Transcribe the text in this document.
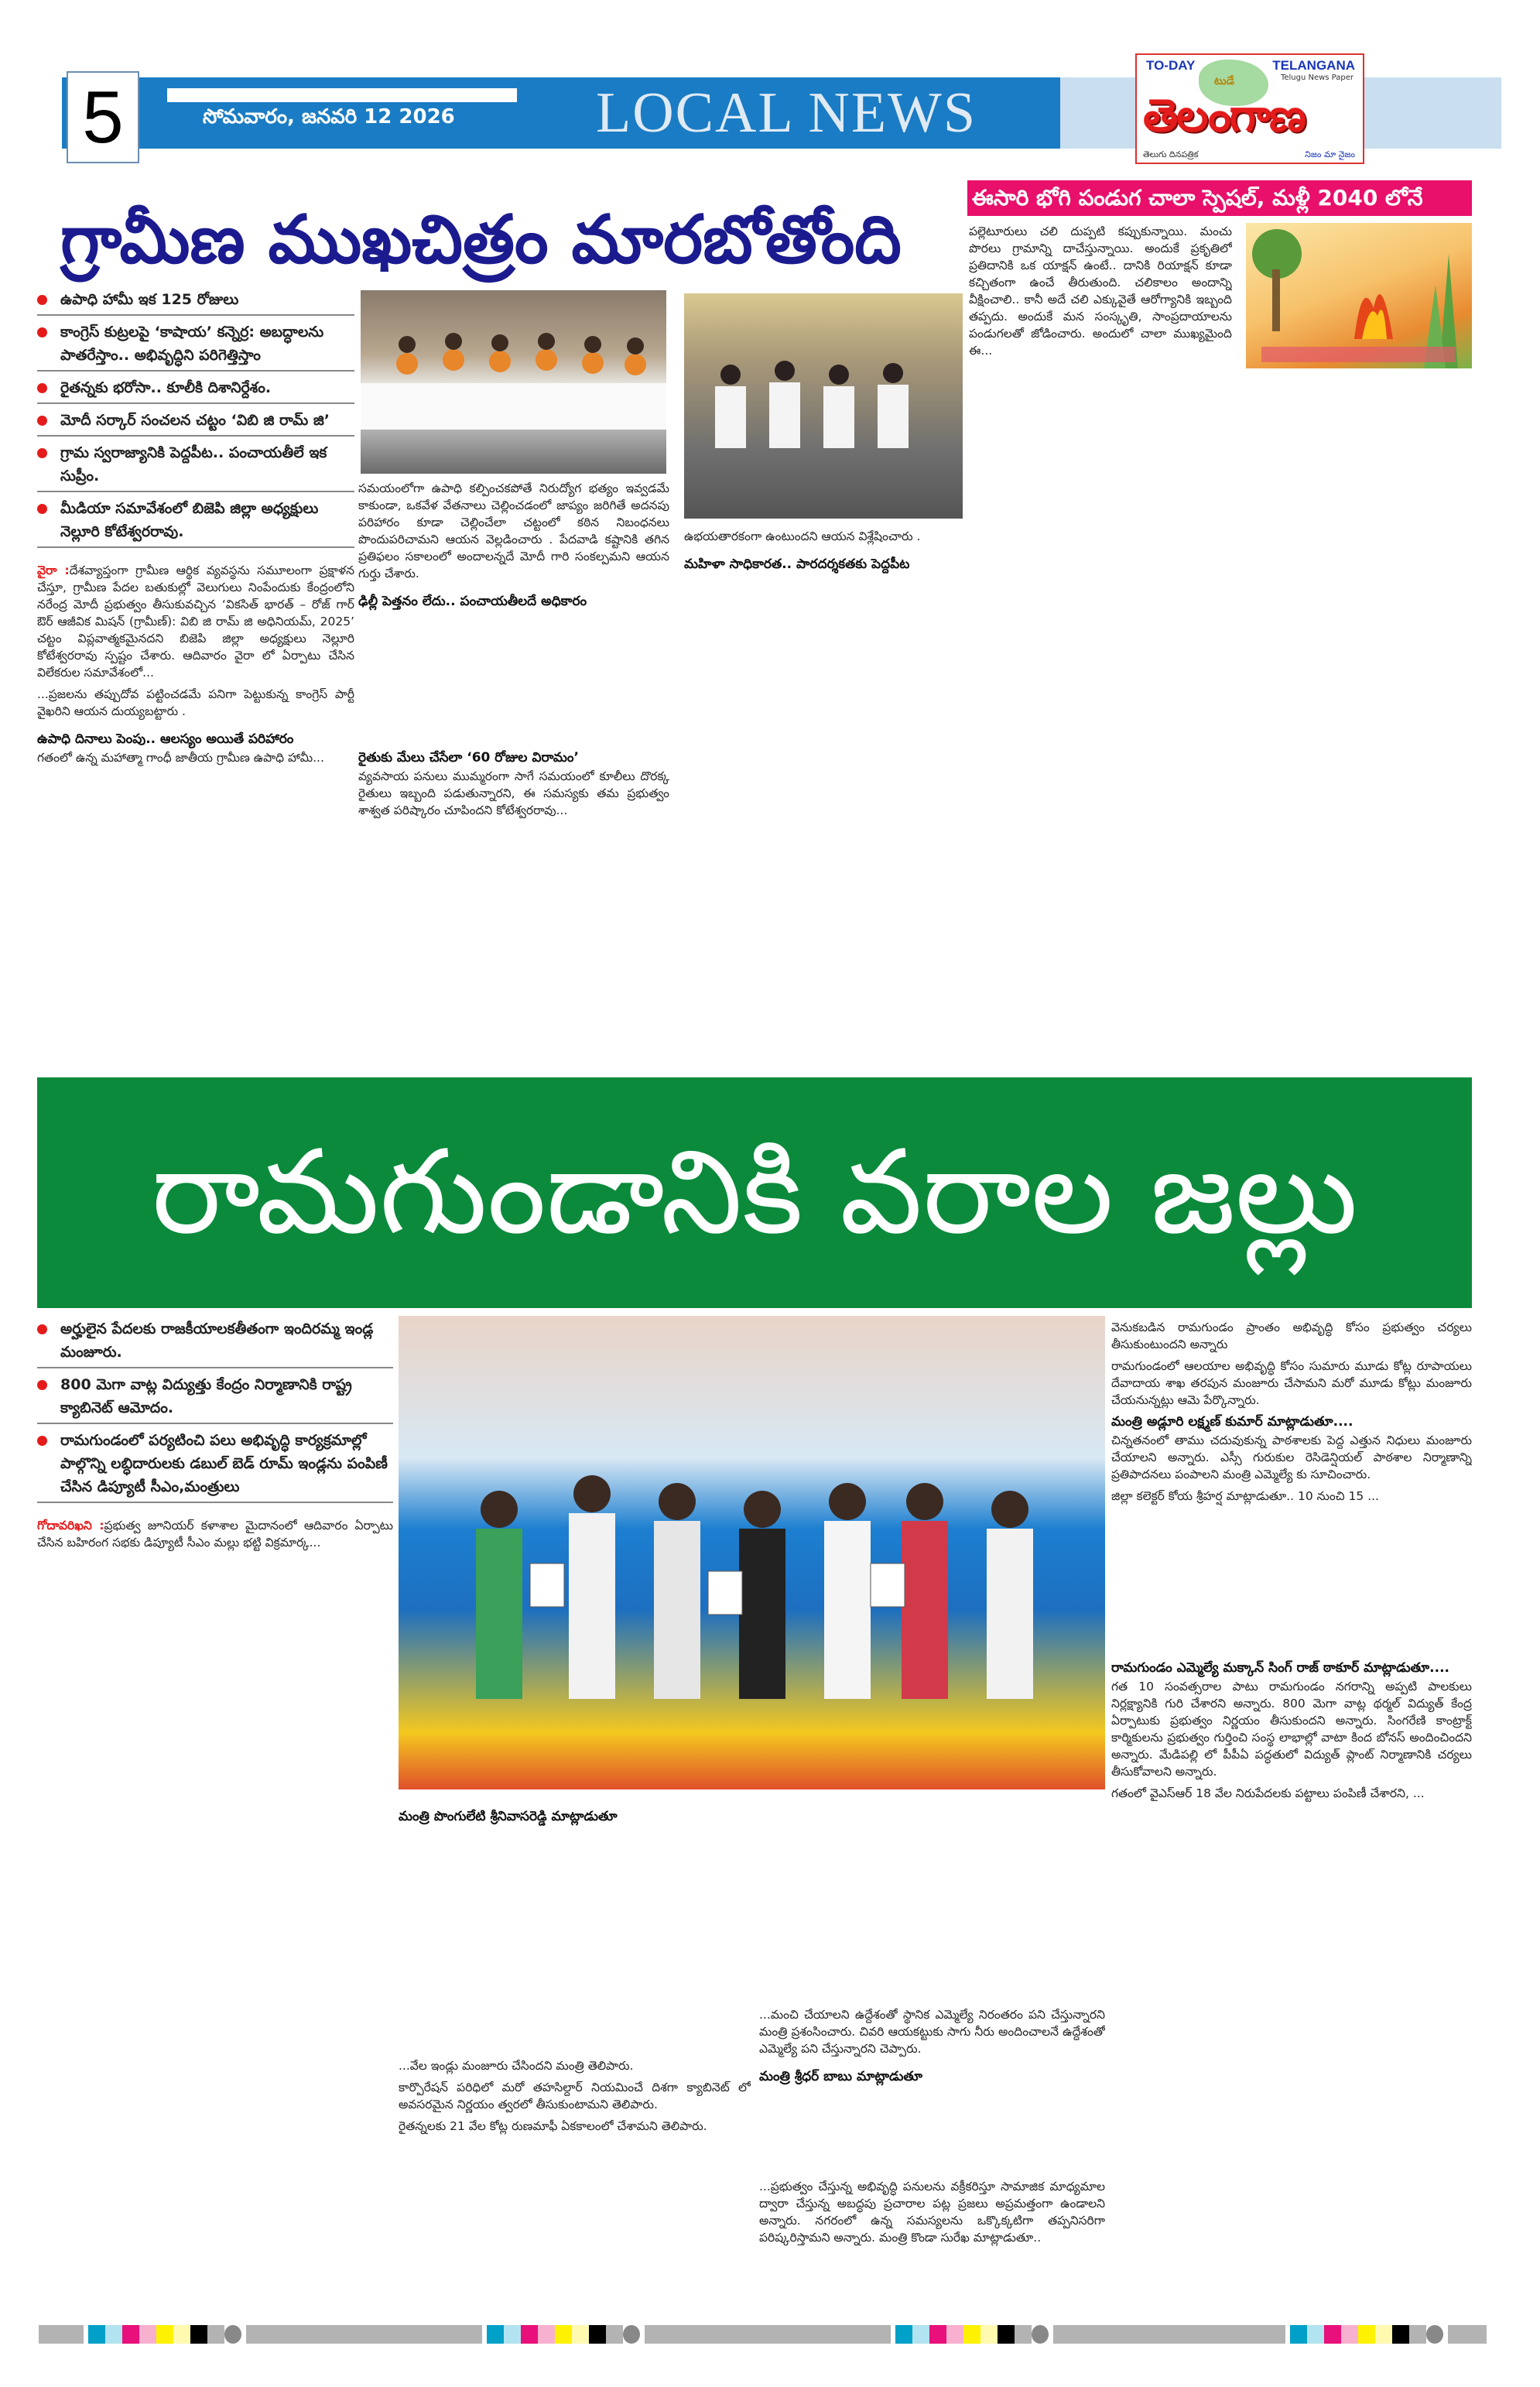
5	సోమవారం, జనవరి 12 2026 LOCAL NEWS
TO-DAY	TELANGANA
Telugu News Paper
టుడే
తెలంగాణ
తెలుగు దినపత్రిక	నిజం మా నైజం
గ్రామీణ ముఖచిత్రం మారబోతోంది
ఉపాధి హామీ ఇక 125 రోజులు
కాంగ్రెస్ కుట్రలపై ‘కాషాయ’ కన్నెర్ర: అబద్ధాలను పాతరేస్తాం.. అభివృద్ధిని పరిగెత్తిస్తాం
రైతన్నకు భరోసా.. కూలీకి దిశానిర్దేశం.
మోదీ సర్కార్ సంచలన చట్టం ‘విబి జి రామ్ జి’
గ్రామ స్వరాజ్యానికి పెద్దపీట.. పంచాయతీలే ఇక సుప్రీం.
మీడియా సమావేశంలో బిజెపి జిల్లా అధ్యక్షులు నెల్లూరి కోటేశ్వరరావు.

వైరా :దేశవ్యాప్తంగా గ్రామీణ ఆర్థిక వ్యవస్థను సమూలంగా ప్రక్షాళన చేస్తూ, గ్రామీణ పేదల బతుకుల్లో వెలుగులు నింపేందుకు కేంద్రంలోని నరేంద్ర మోదీ ప్రభుత్వం తీసుకువచ్చిన ‘వికసిత్ భారత్ – రోజ్ గార్ ఔర్ ఆజీవిక మిషన్ (గ్రామీణ్): విబి జి రామ్ జి అధినియమ్, 2025’ చట్టం విప్లవాత్మకమైనదని బిజెపి జిల్లా అధ్యక్షులు నెల్లూరి కోటేశ్వరరావు స్పష్టం చేశారు. ఆదివారం వైరా లో ఏర్పాటు చేసిన విలేకరుల సమావేశంలో...

...ప్రజలను తప్పుదోవ పట్టించడమే పనిగా పెట్టుకున్న కాంగ్రెస్ పార్టీ వైఖరిని ఆయన దుయ్యబట్టారు .

ఉపాధి దినాలు పెంపు.. ఆలస్యం అయితే పరిహారం

గతంలో ఉన్న మహాత్మా గాంధీ జాతీయ గ్రామీణ ఉపాధి హామీ...

సమయంలోగా ఉపాధి కల్పించకపోతే నిరుద్యోగ భత్యం ఇవ్వడమే కాకుండా, ఒకవేళ వేతనాలు చెల్లించడంలో జాప్యం జరిగితే అదనపు పరిహారం కూడా చెల్లించేలా చట్టంలో కఠిన నిబంధనలు పొందుపరిచామని ఆయన వెల్లడించారు . పేదవాడి కష్టానికి తగిన ప్రతిఫలం సకాలంలో అందాలన్నదే మోదీ గారి సంకల్పమని ఆయన గుర్తు చేశారు.

ఢిల్లీ పెత్తనం లేదు.. పంచాయతీలదే అధికారం
రైతుకు మేలు చేసేలా ‘60 రోజుల విరామం’

వ్యవసాయ పనులు ముమ్మరంగా సాగే సమయంలో కూలీలు దొరక్క రైతులు ఇబ్బంది పడుతున్నారని, ఈ సమస్యకు తమ ప్రభుత్వం శాశ్వత పరిష్కారం చూపిందని కోటేశ్వరరావు...

ఉభయతారకంగా ఉంటుందని ఆయన విశ్లేషించారు .

మహిళా సాధికారత.. పారదర్శకతకు పెద్దపీట
ఈసారి భోగి పండుగ చాలా స్పెషల్, మళ్లీ 2040 లోనే

పల్లెటూరులు చలి దుప్పటి కప్పుకున్నాయి. మంచు పొరలు గ్రామాన్ని దాచేస్తున్నాయి. అందుకే ప్రకృతిలో ప్రతిదానికి ఒక యాక్షన్ ఉంటే.. దానికి రియాక్షన్ కూడా కచ్చితంగా ఉంచే తీరుతుంది. చలికాలం అందాన్ని వీక్షించాలి.. కానీ అదే చలి ఎక్కువైతే ఆరోగ్యానికి ఇబ్బంది తప్పదు. అందుకే మన సంస్కృతి, సాంప్రదాయాలను పండుగలతో జోడించారు. అందులో చాలా ముఖ్యమైంది ఈ...

రామగుండానికి వరాల జల్లు
అర్హులైన పేదలకు రాజకీయాలకతీతంగా ఇందిరమ్మ ఇండ్ల మంజూరు.
800 మెగా వాట్ల విద్యుత్తు కేంద్రం నిర్మాణానికి రాష్ట్ర క్యాబినెట్ ఆమోదం.
రామగుండంలో పర్యటించి పలు అభివృద్ధి కార్యక్రమాల్లో పాల్గొన్ని లబ్ధిదారులకు డబుల్ బెడ్ రూమ్ ఇండ్లను పంపిణీ చేసిన డిప్యూటీ సీఎం,మంత్రులు

గోదావరిఖని :ప్రభుత్వ జూనియర్ కళాశాల మైదానంలో ఆదివారం ఏర్పాటు చేసిన బహిరంగ సభకు డిప్యూటీ సీఎం మల్లు భట్టి విక్రమార్క...

మంత్రి పొంగులేటి శ్రీనివాసరెడ్డి మాట్లాడుతూ

...వేల ఇండ్లు మంజూరు చేసిందని మంత్రి తెలిపారు.

కార్పొరేషన్ పరిధిలో మరో తహసిల్దార్ నియమించే దిశగా క్యాబినెట్ లో అవసరమైన నిర్ణయం త్వరలో తీసుకుంటామని తెలిపారు.

రైతన్నలకు 21 వేల కోట్ల రుణమాఫీ ఏకకాలంలో చేశామని తెలిపారు.

...మంచి చేయాలని ఉద్దేశంతో స్థానిక ఎమ్మెల్యే నిరంతరం పని చేస్తున్నారని మంత్రి ప్రశంసించారు. చివరి ఆయకట్టుకు సాగు నీరు అందించాలనే ఉద్దేశంతో ఎమ్మెల్యే పని చేస్తున్నారని చెప్పారు.

మంత్రి శ్రీధర్ బాబు మాట్లాడుతూ

...ప్రభుత్వం చేస్తున్న అభివృద్ధి పనులను వక్రీకరిస్తూ సామాజిక మాధ్యమాల ద్వారా చేస్తున్న అబద్ధపు ప్రచారాల పట్ల ప్రజలు అప్రమత్తంగా ఉండాలని అన్నారు. నగరంలో ఉన్న సమస్యలను ఒక్కొక్కటిగా తప్పనిసరిగా పరిష్కరిస్తామని అన్నారు. మంత్రి కొండా సురేఖ మాట్లాడుతూ..

వెనుకబడిన రామగుండం ప్రాంతం అభివృద్ధి కోసం ప్రభుత్వం చర్యలు తీసుకుంటుందని అన్నారు

రామగుండంలో ఆలయాల అభివృద్ధి కోసం సుమారు మూడు కోట్ల రూపాయలు దేవాదాయ శాఖ తరపున మంజూరు చేసామని మరో మూడు కోట్లు మంజూరు చేయనున్నట్లు ఆమె పేర్కొన్నారు.

మంత్రి అడ్లూరి లక్ష్మణ్ కుమార్ మాట్లాడుతూ....

చిన్నతనంలో తాము చదువుకున్న పాఠశాలకు పెద్ద ఎత్తున నిధులు మంజూరు చేయాలని అన్నారు. ఎస్సీ గురుకుల రెసిడెన్షియల్ పాఠశాల నిర్మాణాన్ని ప్రతిపాదనలు పంపాలని మంత్రి ఎమ్మెల్యే కు సూచించారు.

జిల్లా కలెక్టర్ కోయ శ్రీహర్ష మాట్లాడుతూ.. 10 నుంచి 15 ...

రామగుండం ఎమ్మెల్యే మక్కాన్ సింగ్ రాజ్ ఠాకూర్ మాట్లాడుతూ....

గత 10 సంవత్సరాల పాటు రామగుండం నగరాన్ని అప్పటి పాలకులు నిర్లక్ష్యానికి గురి చేశారని అన్నారు. 800 మెగా వాట్ల థర్మల్ విద్యుత్ కేంద్ర ఏర్పాటుకు ప్రభుత్వం నిర్ణయం తీసుకుందని అన్నారు. సింగరేణి కాంట్రాక్ట్ కార్మికులను ప్రభుత్వం గుర్తించి సంస్థ లాభాల్లో వాటా కింద బోనస్ అందించిందని అన్నారు. మేడిపల్లి లో పీపీఏ పద్ధతులో విద్యుత్ ప్లాంట్ నిర్మాణానికి చర్యలు తీసుకోవాలని అన్నారు.

గతంలో వైఎస్ఆర్ 18 వేల నిరుపేదలకు పట్టాలు పంపిణీ చేశారని, ...
